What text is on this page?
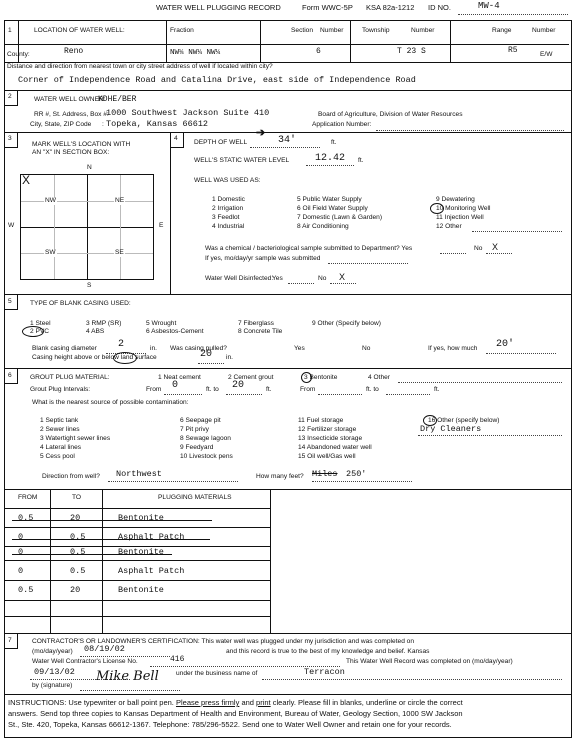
WATER WELL PLUGGING RECORD	Form WWC-5P KSA 82a-1212 ID NO.	MW-4
1	LOCATION OF WATER WELL:	Fraction	Section Number	Township	Number	Range	Number
County:	Reno	NW¼ NW¼ NW¼	6	T 23 S	R5	E/W
Distance and direction from nearest town or city street address of well if located within city?
Corner of Independence Road and Catalina Drive, east side of Independence Road
2	WATER WELL OWNER:
KDHE/BER
RR #, St. Address, Box #:
1000 Southwest Jackson Suite 410	Board of Agriculture, Division of Water Resources
City, State, ZIP Code : Topeka, Kansas 66612	Application Number:
➔
3
MARK WELL'S LOCATION WITH
AN "X" IN SECTION BOX:
N
S
W	E
NW	NE
SW	SE
X
4
DEPTH OF WELL	34'	ft.
WELL'S STATIC WATER LEVEL	12.42 ft.
WELL WAS USED AS:
1 Domestic
2 Irrigation
3 Feedlot
4 Industrial
5 Public Water Supply
6 Oil Field Water Supply
7 Domestic (Lawn & Garden)
8 Air Conditioning
9 Dewatering
10 Monitoring Well
11 Injection Well
12 Other
Was a chemical / bacteriological sample submitted to Department? Yes	No X
If yes, mo/day/yr sample was submitted
Water Well Disinfected:
Yes	No X
5	TYPE OF BLANK CASING USED:
1 Steel
2 PVC
3 RMP (SR)
4 ABS
5 Wrought
6 Asbestos-Cement
7 Fiberglass
8 Concrete Tile
9 Other (Specify below)
Blank casing diameter 2	in. Was casing pulled?	Yes	No	If yes, how much 20'
Casing height above or below land surface	20 in.
6	GROUT PLUG MATERIAL:	1 Neat cement	2 Cement grout	3 Bentonite	4 Other
Grout Plug Intervals:	From 0	ft. to 20	ft.	From	ft. to	ft.
What is the nearest source of possible contamination:
1 Septic tank
2 Sewer lines
3 Watertight sewer lines
4 Lateral lines
5 Cess pool
6 Seepage pit
7 Pit privy
8 Sewage lagoon
9 Feedyard
10 Livestock pens
11 Fuel storage
12 Fertilizer storage
13 Insecticide storage
14 Abandoned water well
15 Oil well/Gas well
16 Other (specify below)
Dry Cleaners
Direction from well? Northwest	How many feet? Miles 250'
FROM	TO	PLUGGING MATERIALS
0.5	20	Bentonite
0	0.5	Asphalt Patch
0	0.5	Bentonite
0	0.5	Asphalt Patch
0.5	20	Bentonite
7	CONTRACTOR'S OR LANDOWNER'S CERTIFICATION: This water well was plugged under my jurisdiction and was completed on
(mo/day/year) 08/19/02	and this record is true to the best of my knowledge and belief. Kansas
Water Well Contractor's License No.	416	This Water Well Record was completed on (mo/day/year)
09/13/02	under the business name of	Terracon
by (signature)
Mike Bell
INSTRUCTIONS: Use typewriter or ball point pen. Please press firmly and print clearly. Please fill in blanks, underline or circle the correct
answers. Send top three copies to Kansas Department of Health and Environment, Bureau of Water, Geology Section, 1000 SW Jackson
St., Ste. 420, Topeka, Kansas 66612-1367. Telephone: 785/296-5522. Send one to Water Well Owner and retain one for your records.
